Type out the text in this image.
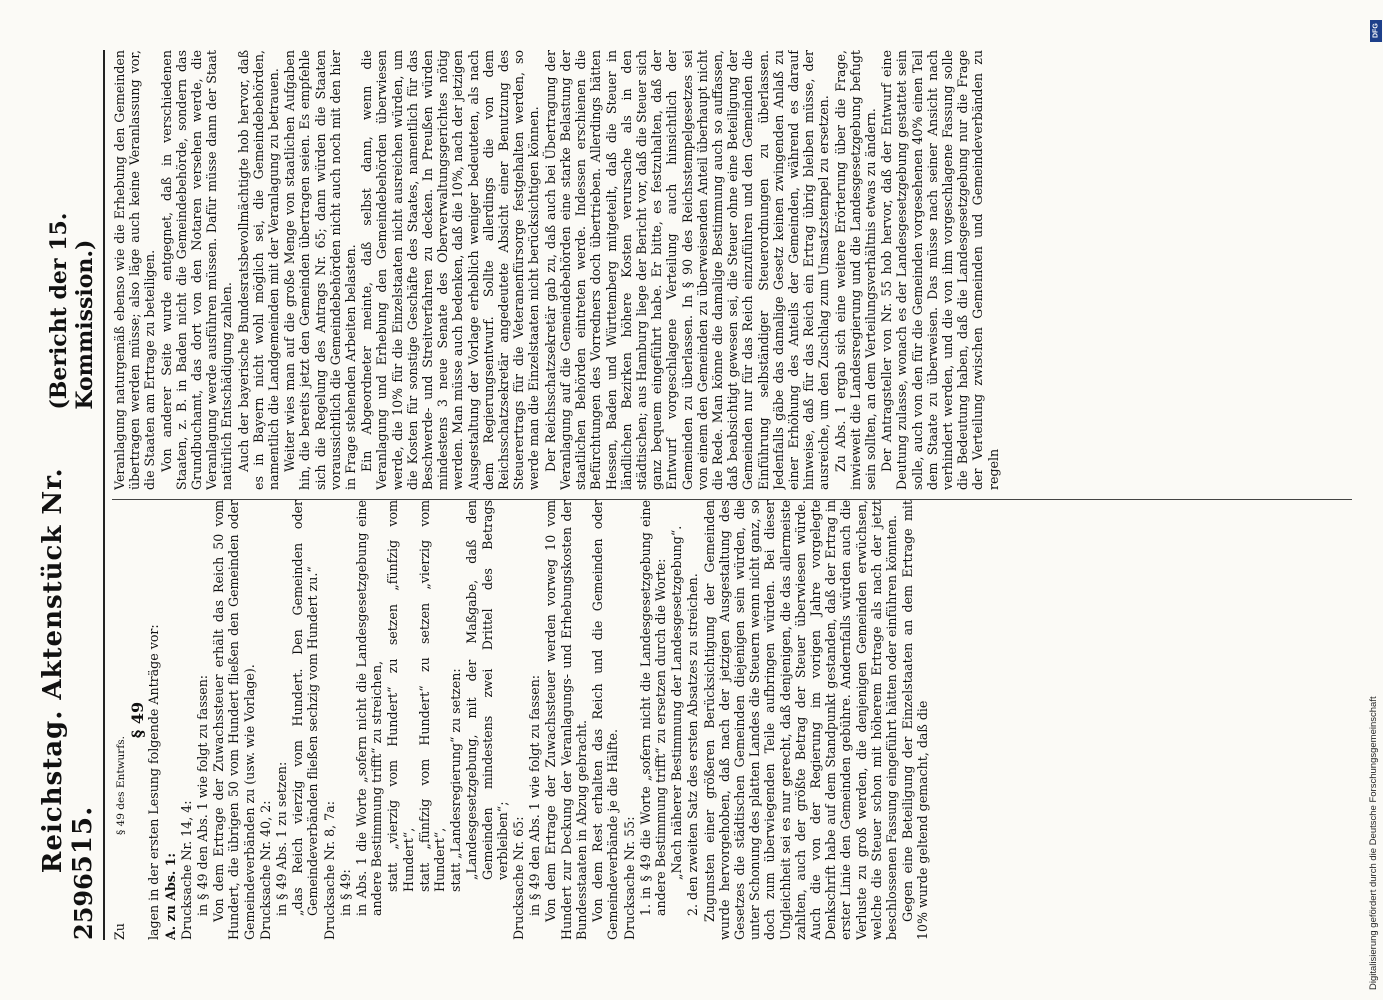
2596
Reichstag. Aktenstück Nr. 515.
(Bericht der 15. Kommission.)

Zu                      § 49 des Entwurfs.

§ 49 lagen in der ersten Lesung folgende Anträge vor: A. zu Abs. 1: Drucksache Nr. 14, 4: in § 49 den Abs. 1 wie folgt zu fassen: Von dem Ertrage der Zuwachssteuer erhält das Reich 50 vom Hundert, die übrigen 50 vom Hundert fließen den Gemeinden oder Gemeindeverbänden zu (usw. wie Vorlage). Drucksache Nr. 40, 2: in § 49 Abs. 1 zu setzen: „das Reich vierzig vom Hundert. Den Gemeinden oder Gemeindeverbänden fließen sechzig vom Hundert zu.“ Drucksache Nr. 8, 7a: in § 49: in Abs. 1 die Worte „sofern nicht die Landesgesetzgebung eine andere Bestimmung trifft“ zu streichen, statt „vierzig vom Hundert“ zu setzen „fünfzig vom Hundert“, statt „fünfzig vom Hundert“ zu setzen „vierzig vom Hundert“, statt „Landesregierung“ zu setzen: „Landesgesetzgebung, mit der Maßgabe, daß den Gemeinden mindestens zwei Drittel des Betrags verbleiben“; Drucksache Nr. 65: in § 49 den Abs. 1 wie folgt zu fassen: Von dem Ertrage der Zuwachssteuer werden vorweg 10 vom Hundert zur Deckung der Veranlagungs- und Erhebungskosten der Bundesstaaten in Abzug gebracht. Von dem Rest erhalten das Reich und die Gemeinden oder Gemeindeverbände je die Hälfte. Drucksache Nr. 55: 1. in § 49 die Worte „sofern nicht die Landesgesetzgebung eine andere Bestimmung trifft“ zu ersetzen durch die Worte: „Nach näherer Bestimmung der Landesgesetzgebung“. 2. den zweiten Satz des ersten Absatzes zu streichen. Zugunsten einer größeren Berücksichtigung der Gemeinden wurde hervorgehoben, daß nach der jetzigen Ausgestaltung des Gesetzes die städtischen Gemeinden diejenigen sein würden, die unter Schonung des platten Landes die Steuern wenn nicht ganz, so doch zum überwiegenden Teile aufbringen würden. Bei dieser Ungleichheit sei es nur gerecht, daß denjenigen, die das allermeiste zahlten, auch der größte Betrag der Steuer überwiesen würde. Auch die von der Regierung im vorigen Jahre vorgelegte Denkschrift habe auf dem Standpunkt gestanden, daß der Ertrag in erster Linie den Gemeinden gebühre. Andernfalls würden auch die Verluste zu groß werden, die denjenigen Gemeinden erwüchsen, welche die Steuer schon mit höherem Ertrage als nach der jetzt beschlossenen Fassung eingeführt hätten oder einführen könnten. Gegen eine Beteiligung der Einzelstaaten an dem Ertrage mit 10% wurde geltend gemacht, daß die

Veranlagung naturgemäß ebenso wie die Erhebung den Gemeinden übertragen werden müsse; also läge auch keine Veranlassung vor, die Staaten am Ertrage zu beteiligen. Von anderer Seite wurde entgegnet, daß in verschiedenen Staaten, z. B. in Baden nicht die Gemeindebehörde, sondern das Grundbuchamt, das dort von den Notaren versehen werde, die Veranlagung werde ausführen müssen. Dafür müsse dann der Staat natürlich Entschädigung zahlen. Auch der bayerische Bundesratsbevollmächtigte hob hervor, daß es in Bayern nicht wohl möglich sei, die Gemeindebehörden, namentlich die Landgemeinden mit der Veranlagung zu betrauen. Weiter wies man auf die große Menge von staatlichen Aufgaben hin, die bereits jetzt den Gemeinden übertragen seien. Es empfehle sich die Regelung des Antrags Nr. 65; dann würden die Staaten voraussichtlich die Gemeindebehörden nicht auch noch mit den hier in Frage stehenden Arbeiten belasten. Ein Abgeordneter meinte, daß selbst dann, wenn die Veranlagung und Erhebung den Gemeindebehörden überwiesen werde, die 10% für die Einzelstaaten nicht ausreichen würden, um die Kosten für sonstige Geschäfte des Staates, namentlich für das Beschwerde- und Streitverfahren zu decken. In Preußen würden mindestens 3 neue Senate des Oberverwaltungsgerichtes nötig werden. Man müsse auch bedenken, daß die 10%, nach der jetzigen Ausgestaltung der Vorlage erheblich weniger bedeuteten, als nach dem Regierungsentwurf. Sollte allerdings die von dem Reichsschatzsekretär angedeutete Absicht einer Benutzung des Steuerertrags für die Veteranenfürsorge festgehalten werden, so werde man die Einzelstaaten nicht berücksichtigen können. Der Reichsschatzsekretär gab zu, daß auch bei Übertragung der Veranlagung auf die Gemeindebehörden eine starke Belastung der staatlichen Behörden eintreten werde. Indessen erschienen die Befürchtungen des Vorredners doch übertrieben. Allerdings hätten Hessen, Baden und Württemberg mitgeteilt, daß die Steuer in ländlichen Bezirken höhere Kosten verursache als in den städtischen; aus Hamburg liege der Bericht vor, daß die Steuer sich ganz bequem eingeführt habe. Er bitte, es festzuhalten, daß der Entwurf vorgeschlagene Verteilung auch hinsichtlich der Gemeinden zu überlassen. In § 90 des Reichsstempelgesetzes sei von einem den Gemeinden zu überweisenden Anteil überhaupt nicht die Rede. Man könne die damalige Bestimmung auch so auffassen, daß beabsichtigt gewesen sei, die Steuer ohne eine Beteiligung der Gemeinden nur für das Reich einzuführen und den Gemeinden die Einführung selbständiger Steuerordnungen zu überlassen. Jedenfalls gäbe das damalige Gesetz keinen zwingenden Anlaß zu einer Erhöhung des Anteils der Gemeinden, während es darauf hinweise, daß für das Reich ein Ertrag übrig bleiben müsse, der ausreiche, um den Zuschlag zum Umsatzstempel zu ersetzen. Zu Abs. 1 ergab sich eine weitere Erörterung über die Frage, inwieweit die Landesregierung und die Landesgesetzgebung befugt sein sollten, an dem Verteilungsverhältnis etwas zu ändern. Der Antragsteller von Nr. 55 hob hervor, daß der Entwurf eine Deutung zulasse, wonach es der Landesgesetzgebung gestattet sein solle, auch von den für die Gemeinden vorgesehenen 40% einen Teil dem Staate zu überweisen. Das müsse nach seiner Ansicht nach verhindert werden, und die von ihm vorgeschlagene Fassung solle die Bedeutung haben, daß die Landesgesetzgebung nur die Frage der Verteilung zwischen Gemeinden und Gemeindeverbänden zu regeln

DFG
Digitalisierung gefördert durch die Deutsche Forschungsgemeinschaft
